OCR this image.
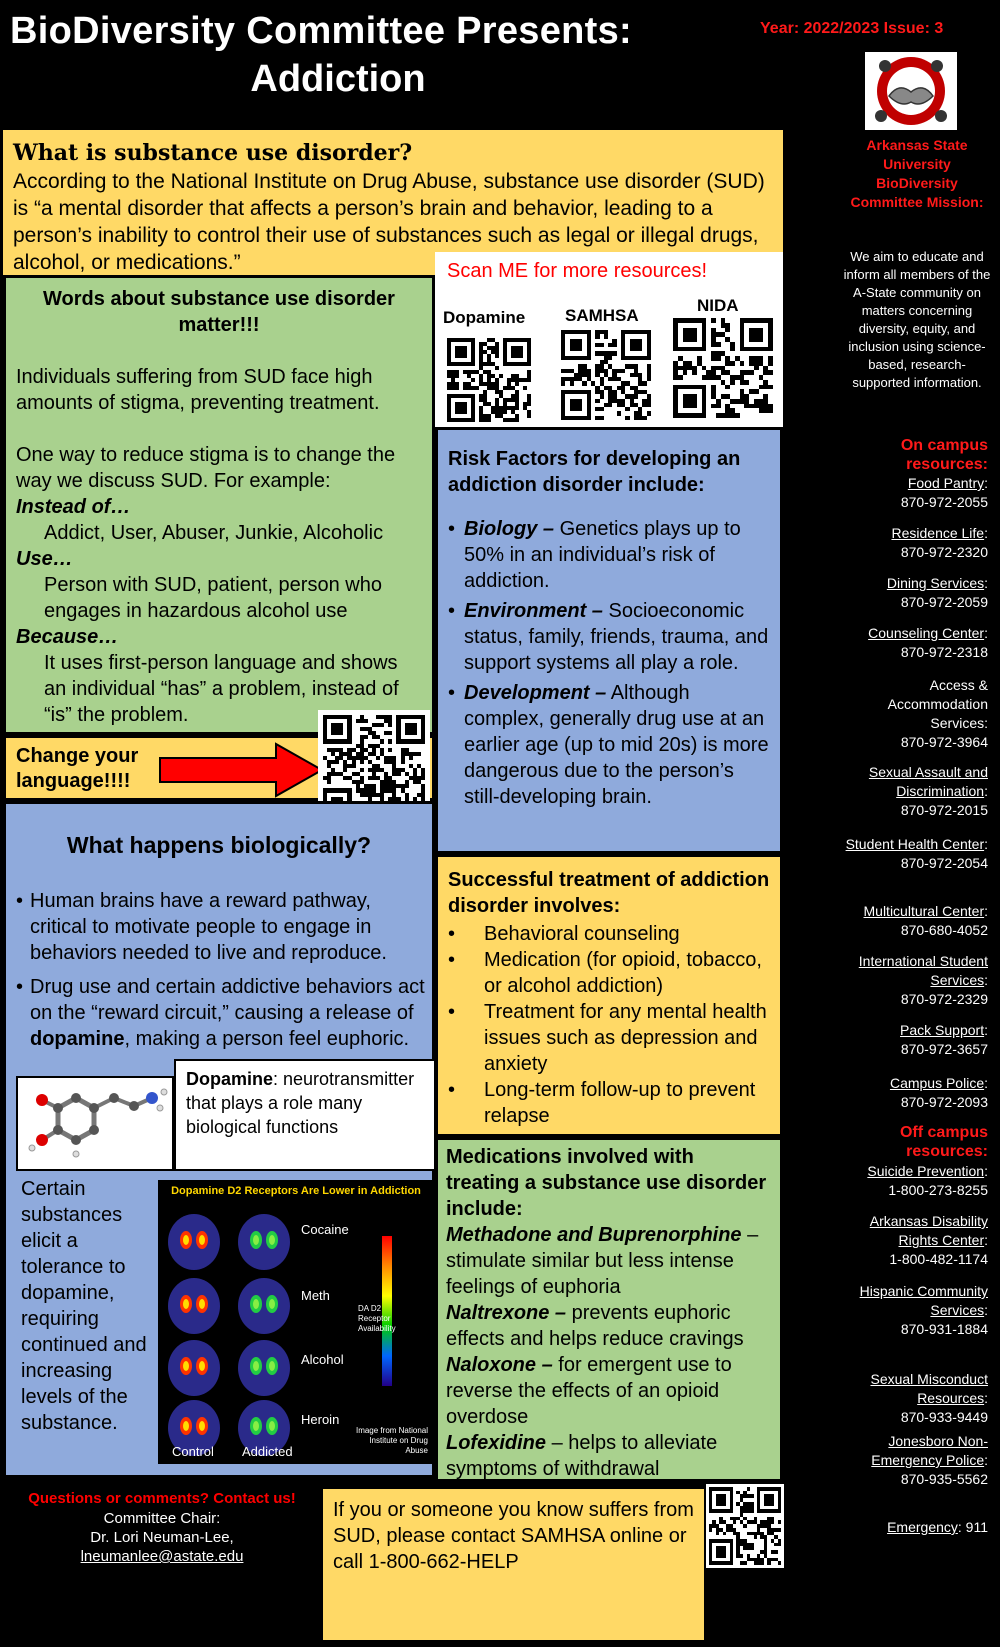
BioDiversity Committee Presents:
Addiction
Year: 2022/2023 Issue: 3
What is substance use disorder?
According to the National Institute on Drug Abuse, substance use disorder (SUD) is “a mental disorder that affects a person’s brain and behavior, leading to a person’s inability to control their use of substances such as legal or illegal drugs, alcohol, or medications.”	Scan ME for more resources!
Dopamine SAMHSA
NIDA
Words about substance use disorder matter!!!
Individuals suffering from SUD face high amounts of stigma, preventing treatment.
One way to reduce stigma is to change the way we discuss SUD. For example:
Instead of…
Addict, User, Abuser, Junkie, Alcoholic
Use…
Person with SUD, patient, person who engages in hazardous alcohol use
Because…
It uses first-person language and shows an individual “has” a problem, instead of “is” the problem.
Change your language!!!!
What happens biologically?
• Human brains have a reward pathway, critical to motivate people to engage in behaviors needed to live and reproduce.
• Drug use and certain addictive behaviors act on the “reward circuit,” causing a release of dopamine, making a person feel euphoric.
Dopamine: neurotransmitter that plays a role many biological functions
Certain substances elicit a tolerance to dopamine, requiring continued and increasing levels of the substance.
Dopamine D2 Receptors Are Lower in Addiction
Cocaine
Meth
Alcohol
Heroin
Control Addicted
DA D2 Receptor Availability
Image from National Institute on Drug Abuse
Risk Factors for developing an addiction disorder include:
• Biology – Genetics plays up to 50% in an individual’s risk of addiction.
• Environment – Socioeconomic status, family, friends, trauma, and support systems all play a role.
• Development – Although complex, generally drug use at an earlier age (up to mid 20s) is more dangerous due to the person’s still-developing brain.
Successful treatment of addiction disorder involves:
•	Behavioral counseling
•	Medication (for opioid, tobacco, or alcohol addiction)
•	Treatment for any mental health issues such as depression and anxiety
•	Long-term follow-up to prevent relapse
Medications involved with treating a substance use disorder include:
Methadone and Buprenorphine – stimulate similar but less intense feelings of euphoria
Naltrexone – prevents euphoric effects and helps reduce cravings
Naloxone – for emergent use to reverse the effects of an opioid overdose
Lofexidine – helps to alleviate symptoms of withdrawal
Questions or comments? Contact us!
Committee Chair:
Dr. Lori Neuman-Lee,
lneumanlee@astate.edu
If you or someone you know suffers from SUD, please contact SAMHSA online or call 1-800-662-HELP
Arkansas State University BioDiversity Committee Mission:
We aim to educate and inform all members of the A-State community on matters concerning diversity, equity, and inclusion using science-based, research-supported information.
On campus resources:
Off campus resources:
Food Pantry:
870-972-2055
Residence Life:
870-972-2320
Dining Services:
870-972-2059
Counseling Center:
870-972-2318
Access & Accommodation Services:
870-972-3964
Sexual Assault and Discrimination:
870-972-2015
Student Health Center:
870-972-2054
Multicultural Center:
870-680-4052
International Student Services:
870-972-2329
Pack Support:
870-972-3657
Campus Police:
870-972-2093
Suicide Prevention:
1-800-273-8255
Arkansas Disability Rights Center:
1-800-482-1174
Hispanic Community Services:
870-931-1884
Sexual Misconduct Resources:
870-933-9449
Jonesboro Non-Emergency Police:
870-935-5562
Emergency: 911
